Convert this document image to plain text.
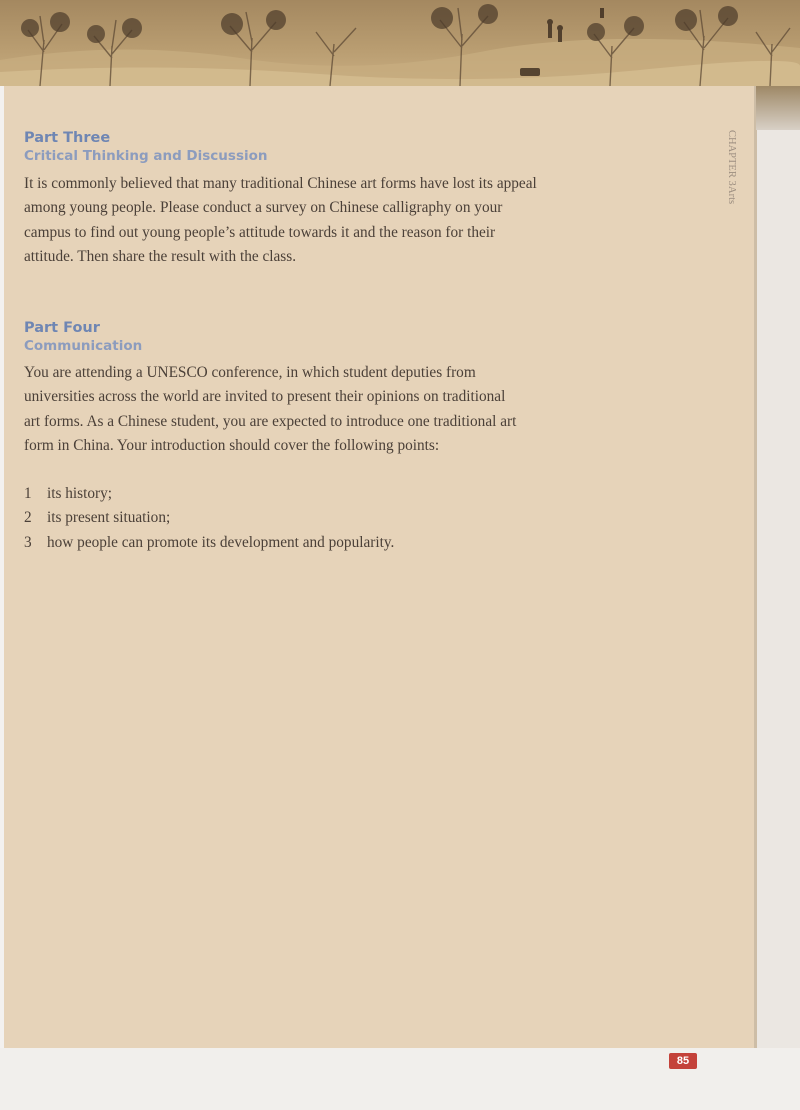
CHAPTER 3
Arts
Part Three
Critical Thinking and Discussion

It is commonly believed that many traditional Chinese art forms have lost its appeal among young people. Please conduct a survey on Chinese calligraphy on your campus to find out young people’s attitude towards it and the reason for their attitude. Then share the result with the class.

Part Four
Communication

You are attending a UNESCO conference, in which student deputies from universities across the world are invited to present their opinions on traditional art forms. As a Chinese student, you are expected to introduce one traditional art form in China. Your introduction should cover the following points:

1 its history;
2 its present situation;
3 how people can promote its development and popularity.
85
